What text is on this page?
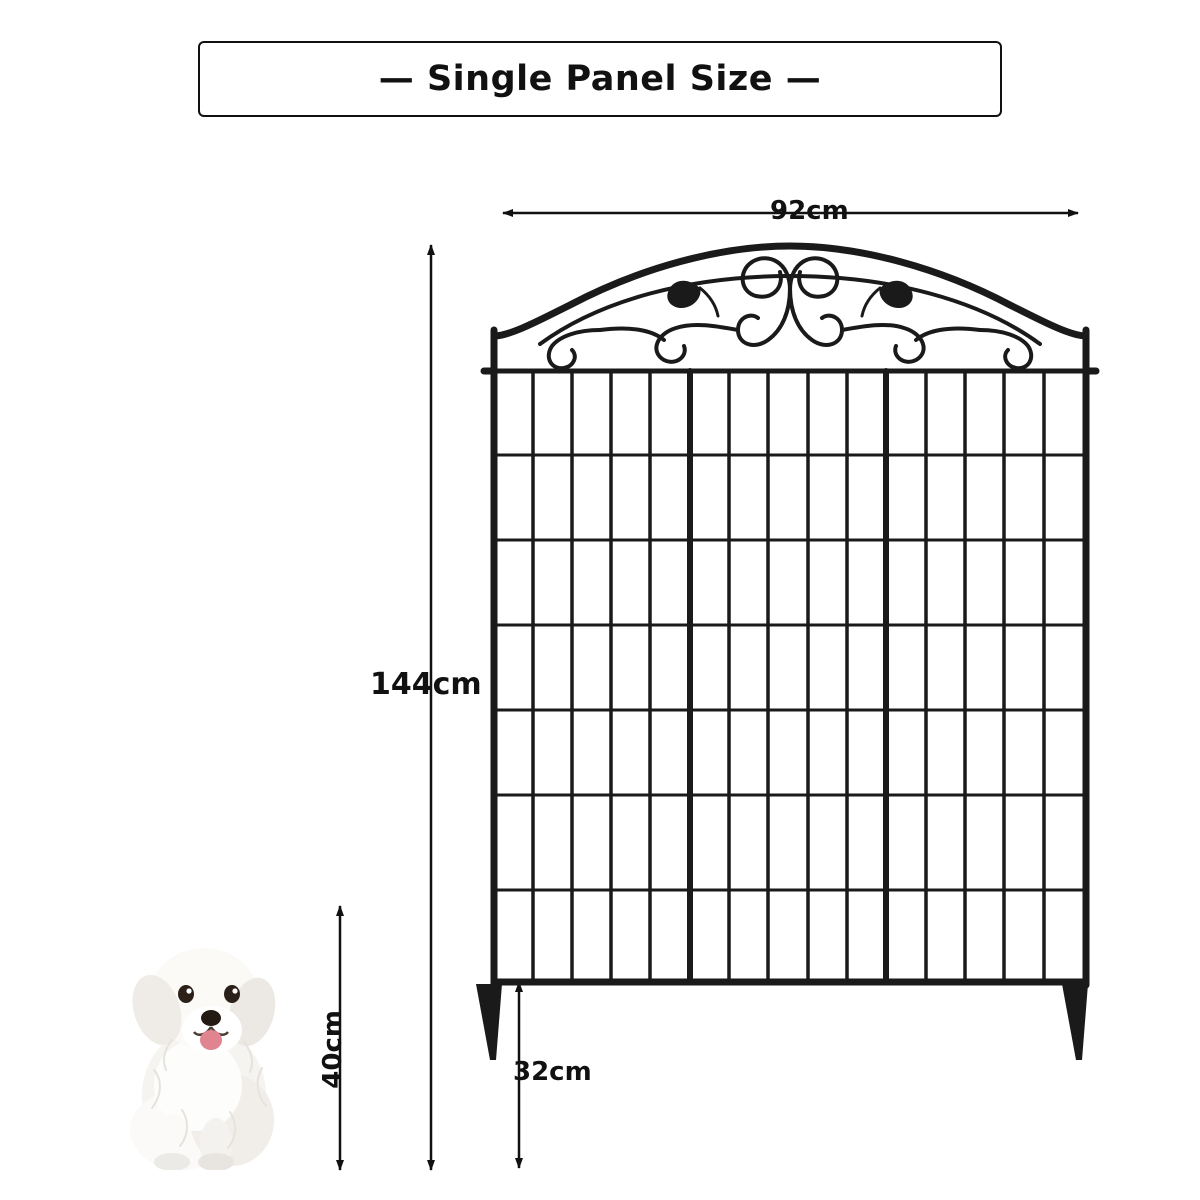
— Single Panel Size —
92cm
144cm
32cm
40cm
